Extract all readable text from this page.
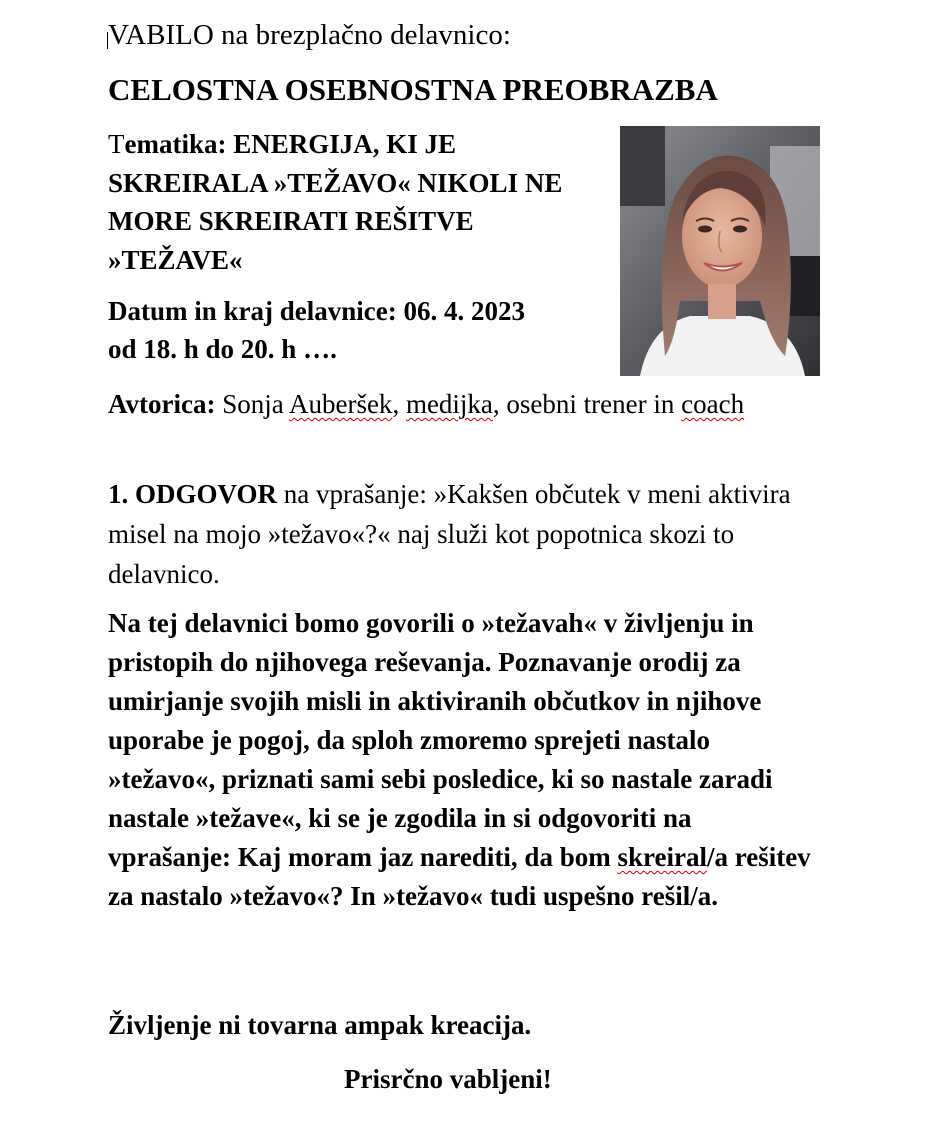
VABILO na brezplačno delavnico:
CELOSTNA OSEBNOSTNA PREOBRAZBA
Tematika: ENERGIJA, KI JE SKREIRALA »TEŽAVO« NIKOLI NE MORE SKREIRATI REŠITVE »TEŽAVE«
Datum in kraj delavnice: 06. 4. 2023
od 18. h do 20. h ….
Avtorica: Sonja Auberšek, medijka, osebni trener in coach
1. ODGOVOR na vprašanje: »Kakšen občutek v meni aktivira misel na mojo »težavo«?« naj služi kot popotnica skozi to delavnico.
Na tej delavnici bomo govorili o »težavah« v življenju in pristopih do njihovega reševanja. Poznavanje orodij za umirjanje svojih misli in aktiviranih občutkov in njihove uporabe je pogoj, da sploh zmoremo sprejeti nastalo »težavo«, priznati sami sebi posledice, ki so nastale zaradi nastale »težave«, ki se je zgodila in si odgovoriti na vprašanje: Kaj moram jaz narediti, da bom skreiral/a rešitev za nastalo »težavo«? In »težavo« tudi uspešno rešil/a.
Življenje ni tovarna ampak kreacija.
Prisrčno vabljeni!
